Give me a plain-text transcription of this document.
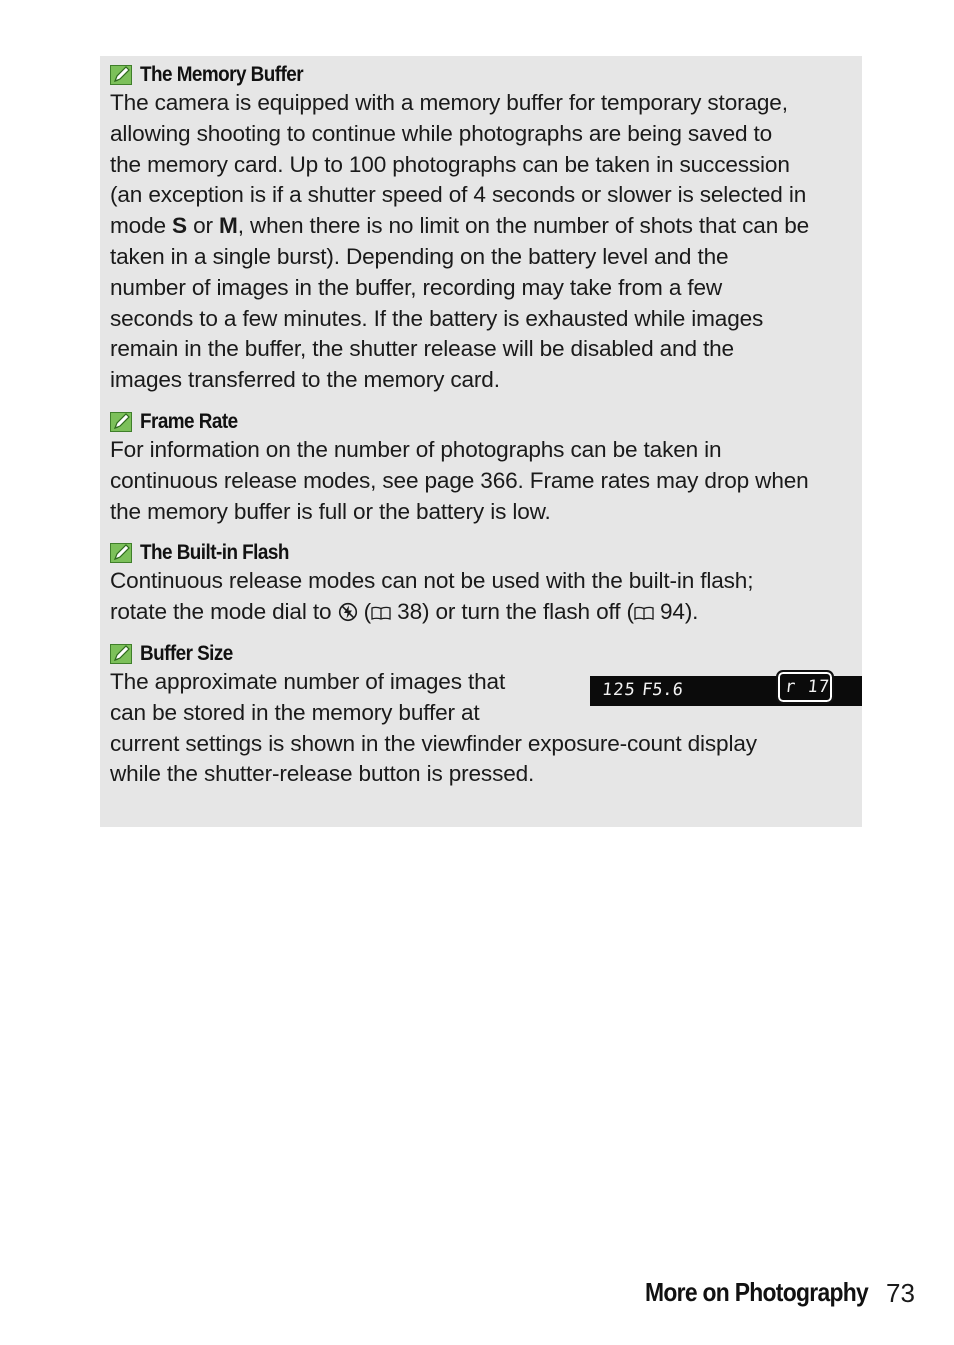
The Memory Buffer

The camera is equipped with a memory buffer for temporary storage,
allowing shooting to continue while photographs are being saved to
the memory card. Up to 100 photographs can be taken in succession
(an exception is if a shutter speed of 4 seconds or slower is selected in
mode S or M, when there is no limit on the number of shots that can be
taken in a single burst). Depending on the battery level and the
number of images in the buffer, recording may take from a few
seconds to a few minutes. If the battery is exhausted while images
remain in the buffer, the shutter release will be disabled and the
images transferred to the memory card.

Frame Rate

For information on the number of photographs can be taken in
continuous release modes, see page 366. Frame rates may drop when
the memory buffer is full or the battery is low.

The Built-in Flash

Continuous release modes can not be used with the built-in flash;
rotate the mode dial to  ( 38) or turn the flash off ( 94).

Buffer Size
125 F5.6	r 17

The approximate number of images that
can be stored in the memory buffer at
current settings is shown in the viewfinder exposure-count display
while the shutter-release button is pressed.

More on Photography 73
